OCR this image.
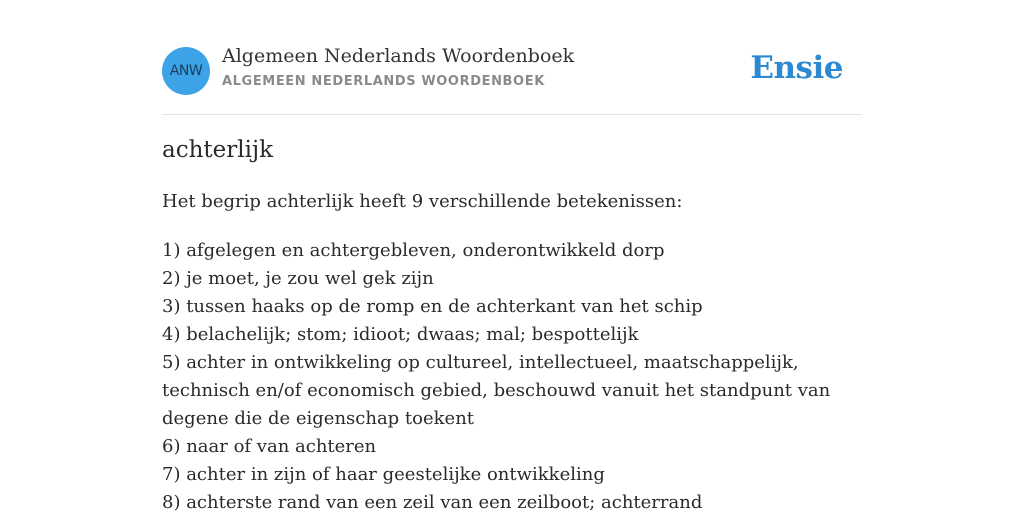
ANW
Algemeen Nederlands Woordenboek
ALGEMEEN NEDERLANDS WOORDENBOEK	Ensie
achterlijk

Het begrip achterlijk heeft 9 verschillende betekenissen:

1) afgelegen en achtergebleven, onderontwikkeld dorp
2) je moet, je zou wel gek zijn
3) tussen haaks op de romp en de achterkant van het schip
4) belachelijk; stom; idioot; dwaas; mal; bespottelijk
5) achter in ontwikkeling op cultureel, intellectueel, maatschappelijk, technisch en/of economisch gebied, beschouwd vanuit het standpunt van degene die de eigenschap toekent
6) naar of van achteren
7) achter in zijn of haar geestelijke ontwikkeling
8) achterste rand van een zeil van een zeilboot; achterrand
